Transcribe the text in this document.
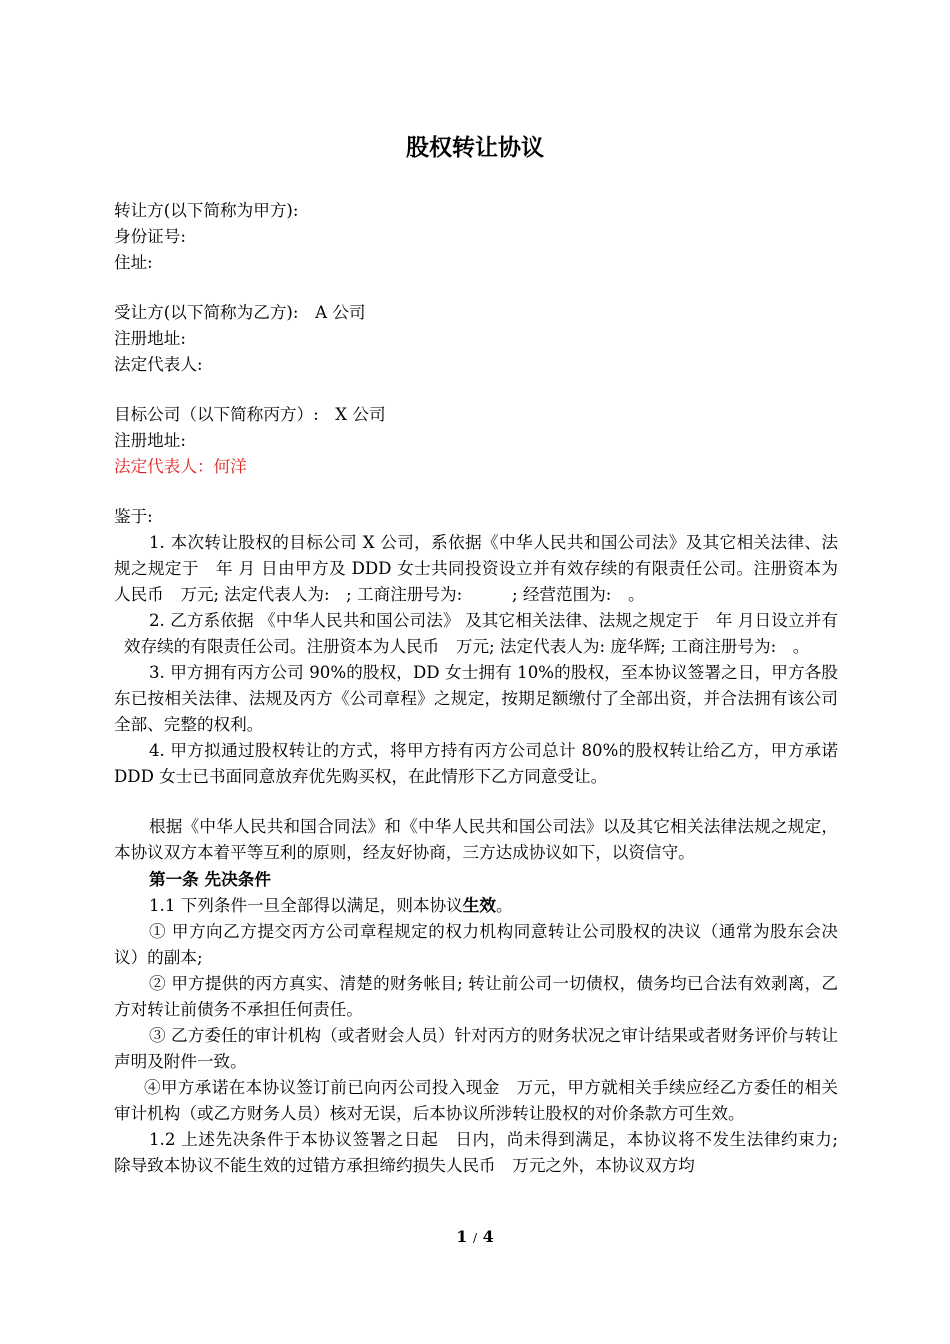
股权转让协议
转让方(以下简称为甲方):
身份证号:
住址:
受让方(以下简称为乙方):　A 公司
注册地址:
法定代表人:
目标公司（以下简称丙方）:　X 公司
注册地址:
法定代表人：何洋
鉴于:

1. 本次转让股权的目标公司 X 公司，系依据《中华人民共和国公司法》及其它相关法律、法规之规定于　年 月 日由甲方及 DDD 女士共同投资设立并有效存续的有限责任公司。注册资本为人民币　万元; 法定代表人为:　; 工商注册号为:　　　; 经营范围为:　。

2. 乙方系依据 《中华人民共和国公司法》 及其它相关法律、法规之规定于　年 月日设立并有效存续的有限责任公司。注册资本为人民币　万元; 法定代表人为: 庞华辉; 工商注册号为:　。

3. 甲方拥有丙方公司 90%的股权，DD 女士拥有 10%的股权，至本协议签署之日，甲方各股东已按相关法律、法规及丙方《公司章程》之规定，按期足额缴付了全部出资，并合法拥有该公司全部、完整的权利。

4. 甲方拟通过股权转让的方式，将甲方持有丙方公司总计 80%的股权转让给乙方，甲方承诺 DDD 女士已书面同意放弃优先购买权，在此情形下乙方同意受让。

根据《中华人民共和国合同法》和《中华人民共和国公司法》以及其它相关法律法规之规定，本协议双方本着平等互利的原则，经友好协商，三方达成协议如下，以资信守。

第一条 先决条件

1.1 下列条件一旦全部得以满足，则本协议生效。

① 甲方向乙方提交丙方公司章程规定的权力机构同意转让公司股权的决议（通常为股东会决议）的副本;

② 甲方提供的丙方真实、清楚的财务帐目; 转让前公司一切债权，债务均已合法有效剥离，乙方对转让前债务不承担任何责任。

③ 乙方委任的审计机构（或者财会人员）针对丙方的财务状况之审计结果或者财务评价与转让声明及附件一致。

④甲方承诺在本协议签订前已向丙公司投入现金　万元，甲方就相关手续应经乙方委任的相关审计机构（或乙方财务人员）核对无误，后本协议所涉转让股权的对价条款方可生效。

1.2 上述先决条件于本协议签署之日起　日内，尚未得到满足，本协议将不发生法律约束力; 除导致本协议不能生效的过错方承担缔约损失人民币　万元之外，本协议双方均

1 / 4
